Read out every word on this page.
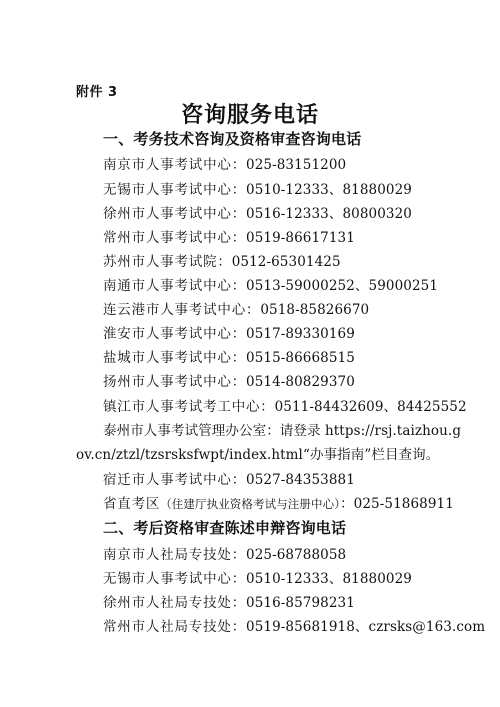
附件 3
咨询服务电话
一、考务技术咨询及资格审查咨询电话
南京市人事考试中心：025-83151200
无锡市人事考试中心：0510-12333、81880029
徐州市人事考试中心：0516-12333、80800320
常州市人事考试中心：0519-86617131
苏州市人事考试院：0512-65301425
南通市人事考试中心：0513-59000252、59000251
连云港市人事考试中心：0518-85826670
淮安市人事考试中心：0517-89330169
盐城市人事考试中心：0515-86668515
扬州市人事考试中心：0514-80829370
镇江市人事考试考工中心：0511-84432609、84425552
泰州市人事考试管理办公室：请登录 https://rsj.taizhou.g
ov.cn/ztzl/tzsrsksfwpt/index.html“办事指南”栏目查询。
宿迁市人事考试中心：0527-84353881
省直考区（住建厅执业资格考试与注册中心）：025-51868911
二、考后资格审查陈述申辩咨询电话
南京市人社局专技处：025-68788058
无锡市人事考试中心：0510-12333、81880029
徐州市人社局专技处：0516-85798231
常州市人社局专技处：0519-85681918、czrsks@163.com
